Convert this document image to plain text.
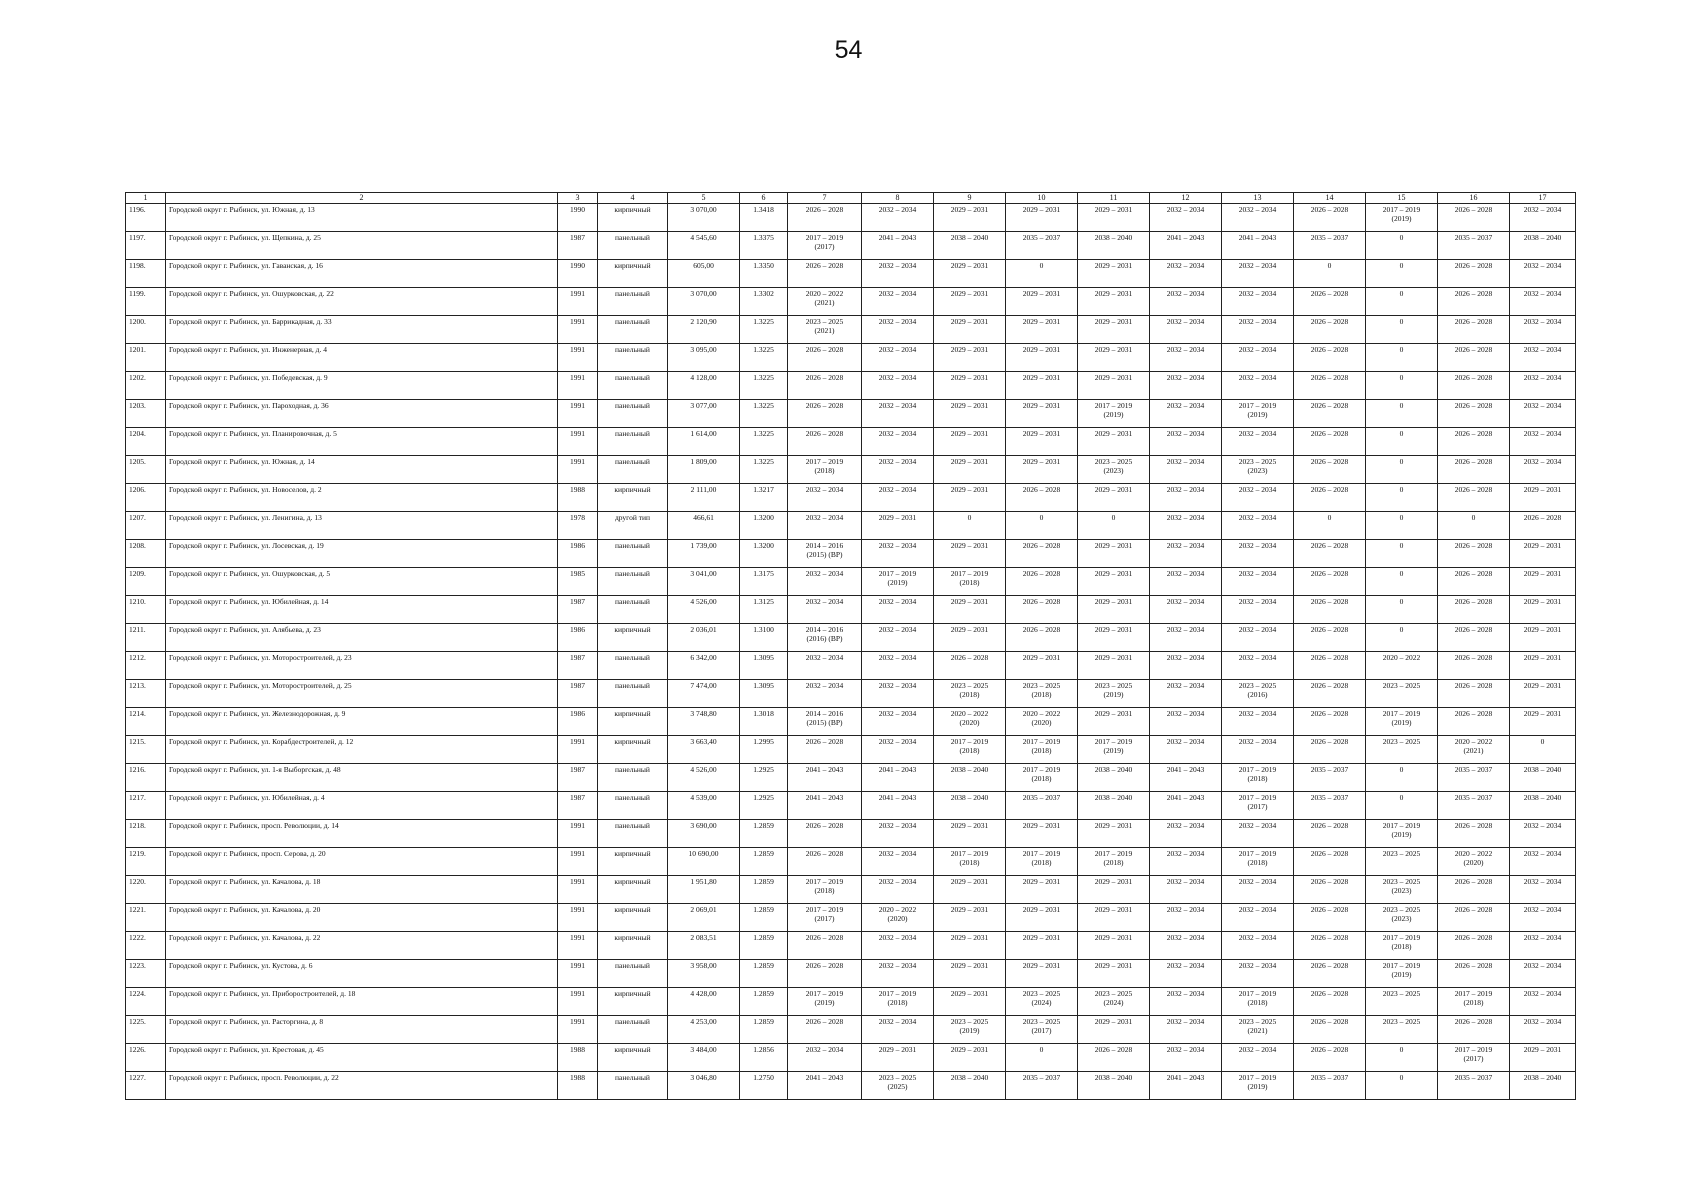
54
1	2	3	4	5	6	7	8	9	10	11	12	13	14	15	16	17
1196.	Городской округ г. Рыбинск, ул. Южная, д. 13	1990	кирпичный	3 070,00	1.3418	2026 – 2028	2032 – 2034	2029 – 2031	2029 – 2031	2029 – 2031	2032 – 2034	2032 – 2034	2026 – 2028	2017 – 2019
(2019)	2026 – 2028	2032 – 2034
1197.	Городской округ г. Рыбинск, ул. Щепкина, д. 25	1987	панельный	4 545,60	1.3375	2017 – 2019
(2017)	2041 – 2043	2038 – 2040	2035 – 2037	2038 – 2040	2041 – 2043	2041 – 2043	2035 – 2037	0	2035 – 2037	2038 – 2040
1198.	Городской округ г. Рыбинск, ул. Гаванская, д. 16	1990	кирпичный	605,00	1.3350	2026 – 2028	2032 – 2034	2029 – 2031	0	2029 – 2031	2032 – 2034	2032 – 2034	0	0	2026 – 2028	2032 – 2034
1199.	Городской округ г. Рыбинск, ул. Ошурковская, д. 22	1991	панельный	3 070,00	1.3302	2020 – 2022
(2021)	2032 – 2034	2029 – 2031	2029 – 2031	2029 – 2031	2032 – 2034	2032 – 2034	2026 – 2028	0	2026 – 2028	2032 – 2034
1200.	Городской округ г. Рыбинск, ул. Баррикадная, д. 33	1991	панельный	2 120,90	1.3225	2023 – 2025
(2021)	2032 – 2034	2029 – 2031	2029 – 2031	2029 – 2031	2032 – 2034	2032 – 2034	2026 – 2028	0	2026 – 2028	2032 – 2034
1201.	Городской округ г. Рыбинск, ул. Инженерная, д. 4	1991	панельный	3 095,00	1.3225	2026 – 2028	2032 – 2034	2029 – 2031	2029 – 2031	2029 – 2031	2032 – 2034	2032 – 2034	2026 – 2028	0	2026 – 2028	2032 – 2034
1202.	Городской округ г. Рыбинск, ул. Победевская, д. 9	1991	панельный	4 128,00	1.3225	2026 – 2028	2032 – 2034	2029 – 2031	2029 – 2031	2029 – 2031	2032 – 2034	2032 – 2034	2026 – 2028	0	2026 – 2028	2032 – 2034
1203.	Городской округ г. Рыбинск, ул. Пароходная, д. 36	1991	панельный	3 077,00	1.3225	2026 – 2028	2032 – 2034	2029 – 2031	2029 – 2031	2017 – 2019
(2019)	2032 – 2034	2017 – 2019
(2019)	2026 – 2028	0	2026 – 2028	2032 – 2034
1204.	Городской округ г. Рыбинск, ул. Планировочная, д. 5	1991	панельный	1 614,00	1.3225	2026 – 2028	2032 – 2034	2029 – 2031	2029 – 2031	2029 – 2031	2032 – 2034	2032 – 2034	2026 – 2028	0	2026 – 2028	2032 – 2034
1205.	Городской округ г. Рыбинск, ул. Южная, д. 14	1991	панельный	1 809,00	1.3225	2017 – 2019
(2018)	2032 – 2034	2029 – 2031	2029 – 2031	2023 – 2025
(2023)	2032 – 2034	2023 – 2025
(2023)	2026 – 2028	0	2026 – 2028	2032 – 2034
1206.	Городской округ г. Рыбинск, ул. Новоселов, д. 2	1988	кирпичный	2 111,00	1.3217	2032 – 2034	2032 – 2034	2029 – 2031	2026 – 2028	2029 – 2031	2032 – 2034	2032 – 2034	2026 – 2028	0	2026 – 2028	2029 – 2031
1207.	Городской округ г. Рыбинск, ул. Ленигина, д. 13	1978	другой тип	466,61	1.3200	2032 – 2034	2029 – 2031	0	0	0	2032 – 2034	2032 – 2034	0	0	0	2026 – 2028
1208.	Городской округ г. Рыбинск, ул. Лосевская, д. 19	1986	панельный	1 739,00	1.3200	2014 – 2016
(2015) (ВР)	2032 – 2034	2029 – 2031	2026 – 2028	2029 – 2031	2032 – 2034	2032 – 2034	2026 – 2028	0	2026 – 2028	2029 – 2031
1209.	Городской округ г. Рыбинск, ул. Ошурковская, д. 5	1985	панельный	3 041,00	1.3175	2032 – 2034	2017 – 2019
(2019)	2017 – 2019
(2018)	2026 – 2028	2029 – 2031	2032 – 2034	2032 – 2034	2026 – 2028	0	2026 – 2028	2029 – 2031
1210.	Городской округ г. Рыбинск, ул. Юбилейная, д. 14	1987	панельный	4 526,00	1.3125	2032 – 2034	2032 – 2034	2029 – 2031	2026 – 2028	2029 – 2031	2032 – 2034	2032 – 2034	2026 – 2028	0	2026 – 2028	2029 – 2031
1211.	Городской округ г. Рыбинск, ул. Алябьева, д. 23	1986	кирпичный	2 036,01	1.3100	2014 – 2016
(2016) (ВР)	2032 – 2034	2029 – 2031	2026 – 2028	2029 – 2031	2032 – 2034	2032 – 2034	2026 – 2028	0	2026 – 2028	2029 – 2031
1212.	Городской округ г. Рыбинск, ул. Моторостроителей, д. 23	1987	панельный	6 342,00	1.3095	2032 – 2034	2032 – 2034	2026 – 2028	2029 – 2031	2029 – 2031	2032 – 2034	2032 – 2034	2026 – 2028	2020 – 2022	2026 – 2028	2029 – 2031
1213.	Городской округ г. Рыбинск, ул. Моторостроителей, д. 25	1987	панельный	7 474,00	1.3095	2032 – 2034	2032 – 2034	2023 – 2025
(2018)	2023 – 2025
(2018)	2023 – 2025
(2019)	2032 – 2034	2023 – 2025
(2016)	2026 – 2028	2023 – 2025	2026 – 2028	2029 – 2031
1214.	Городской округ г. Рыбинск, ул. Железнодорожная, д. 9	1986	кирпичный	3 748,80	1.3018	2014 – 2016
(2015) (ВР)	2032 – 2034	2020 – 2022
(2020)	2020 – 2022
(2020)	2029 – 2031	2032 – 2034	2032 – 2034	2026 – 2028	2017 – 2019
(2019)	2026 – 2028	2029 – 2031
1215.	Городской округ г. Рыбинск, ул. Корабдестроителей, д. 12	1991	кирпичный	3 663,40	1.2995	2026 – 2028	2032 – 2034	2017 – 2019
(2018)	2017 – 2019
(2018)	2017 – 2019
(2019)	2032 – 2034	2032 – 2034	2026 – 2028	2023 – 2025	2020 – 2022
(2021)	0
1216.	Городской округ г. Рыбинск, ул. 1-я Выборгская, д. 48	1987	панельный	4 526,00	1.2925	2041 – 2043	2041 – 2043	2038 – 2040	2017 – 2019
(2018)	2038 – 2040	2041 – 2043	2017 – 2019
(2018)	2035 – 2037	0	2035 – 2037	2038 – 2040
1217.	Городской округ г. Рыбинск, ул. Юбилейная, д. 4	1987	панельный	4 539,00	1.2925	2041 – 2043	2041 – 2043	2038 – 2040	2035 – 2037	2038 – 2040	2041 – 2043	2017 – 2019
(2017)	2035 – 2037	0	2035 – 2037	2038 – 2040
1218.	Городской округ г. Рыбинск, просп. Революции, д. 14	1991	панельный	3 690,00	1.2859	2026 – 2028	2032 – 2034	2029 – 2031	2029 – 2031	2029 – 2031	2032 – 2034	2032 – 2034	2026 – 2028	2017 – 2019
(2019)	2026 – 2028	2032 – 2034
1219.	Городской округ г. Рыбинск, просп. Серова, д. 20	1991	кирпичный	10 690,00	1.2859	2026 – 2028	2032 – 2034	2017 – 2019
(2018)	2017 – 2019
(2018)	2017 – 2019
(2018)	2032 – 2034	2017 – 2019
(2018)	2026 – 2028	2023 – 2025	2020 – 2022
(2020)	2032 – 2034
1220.	Городской округ г. Рыбинск, ул. Качалова, д. 18	1991	кирпичный	1 951,80	1.2859	2017 – 2019
(2018)	2032 – 2034	2029 – 2031	2029 – 2031	2029 – 2031	2032 – 2034	2032 – 2034	2026 – 2028	2023 – 2025
(2023)	2026 – 2028	2032 – 2034
1221.	Городской округ г. Рыбинск, ул. Качалова, д. 20	1991	кирпичный	2 069,01	1.2859	2017 – 2019
(2017)	2020 – 2022
(2020)	2029 – 2031	2029 – 2031	2029 – 2031	2032 – 2034	2032 – 2034	2026 – 2028	2023 – 2025
(2023)	2026 – 2028	2032 – 2034
1222.	Городской округ г. Рыбинск, ул. Качалова, д. 22	1991	кирпичный	2 083,51	1.2859	2026 – 2028	2032 – 2034	2029 – 2031	2029 – 2031	2029 – 2031	2032 – 2034	2032 – 2034	2026 – 2028	2017 – 2019
(2018)	2026 – 2028	2032 – 2034
1223.	Городской округ г. Рыбинск, ул. Кустова, д. 6	1991	панельный	3 958,00	1.2859	2026 – 2028	2032 – 2034	2029 – 2031	2029 – 2031	2029 – 2031	2032 – 2034	2032 – 2034	2026 – 2028	2017 – 2019
(2019)	2026 – 2028	2032 – 2034
1224.	Городской округ г. Рыбинск, ул. Приборостроителей, д. 18	1991	кирпичный	4 428,00	1.2859	2017 – 2019
(2019)	2017 – 2019
(2018)	2029 – 2031	2023 – 2025
(2024)	2023 – 2025
(2024)	2032 – 2034	2017 – 2019
(2018)	2026 – 2028	2023 – 2025	2017 – 2019
(2018)	2032 – 2034
1225.	Городской округ г. Рыбинск, ул. Расторгина, д. 8	1991	панельный	4 253,00	1.2859	2026 – 2028	2032 – 2034	2023 – 2025
(2019)	2023 – 2025
(2017)	2029 – 2031	2032 – 2034	2023 – 2025
(2021)	2026 – 2028	2023 – 2025	2026 – 2028	2032 – 2034
1226.	Городской округ г. Рыбинск, ул. Крестовая, д. 45	1988	кирпичный	3 484,00	1.2856	2032 – 2034	2029 – 2031	2029 – 2031	0	2026 – 2028	2032 – 2034	2032 – 2034	2026 – 2028	0	2017 – 2019
(2017)	2029 – 2031
1227.	Городской округ г. Рыбинск, просп. Революции, д. 22	1988	панельный	3 046,80	1.2750	2041 – 2043	2023 – 2025
(2025)	2038 – 2040	2035 – 2037	2038 – 2040	2041 – 2043	2017 – 2019
(2019)	2035 – 2037	0	2035 – 2037	2038 – 2040
